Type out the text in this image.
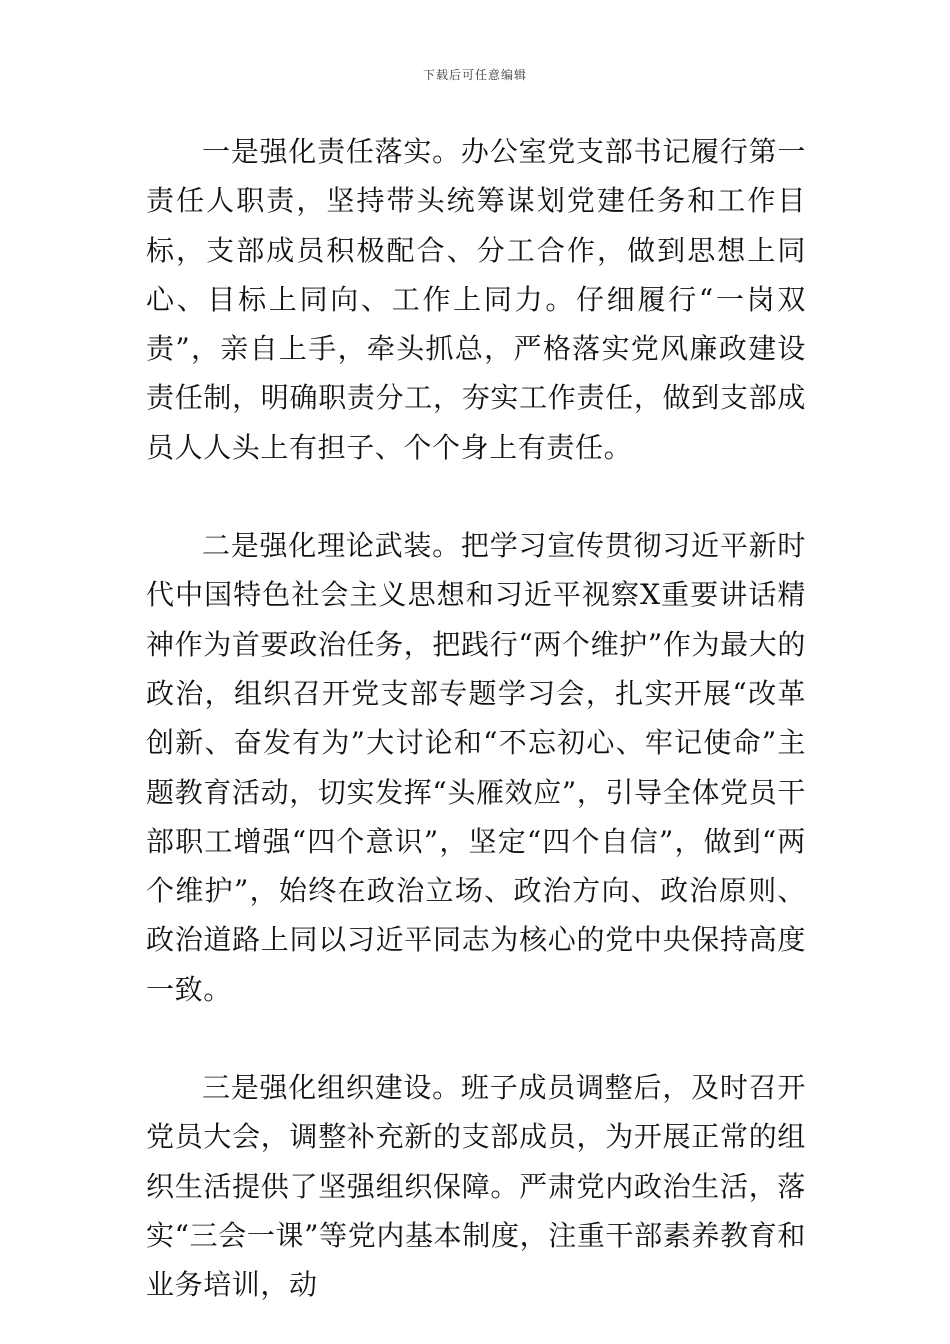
下载后可任意编辑

一是强化责任落实。办公室党支部书记履行第一责任人职责，坚持带头统筹谋划党建任务和工作目标，支部成员积极配合、分工合作，做到思想上同心、目标上同向、工作上同力。仔细履行“一岗双责”，亲自上手，牵头抓总，严格落实党风廉政建设责任制，明确职责分工，夯实工作责任，做到支部成员人人头上有担子、个个身上有责任。

二是强化理论武装。把学习宣传贯彻习近平新时代中国特色社会主义思想和习近平视察X重要讲话精神作为首要政治任务，把践行“两个维护”作为最大的政治，组织召开党支部专题学习会，扎实开展“改革创新、奋发有为”大讨论和“不忘初心、牢记使命”主题教育活动，切实发挥“头雁效应”，引导全体党员干部职工增强“四个意识”，坚定“四个自信”，做到“两个维护”，始终在政治立场、政治方向、政治原则、政治道路上同以习近平同志为核心的党中央保持高度一致。

三是强化组织建设。班子成员调整后，及时召开党员大会，调整补充新的支部成员，为开展正常的组织生活提供了坚强组织保障。严肃党内政治生活，落实“三会一课”等党内基本制度，注重干部素养教育和业务培训，动
